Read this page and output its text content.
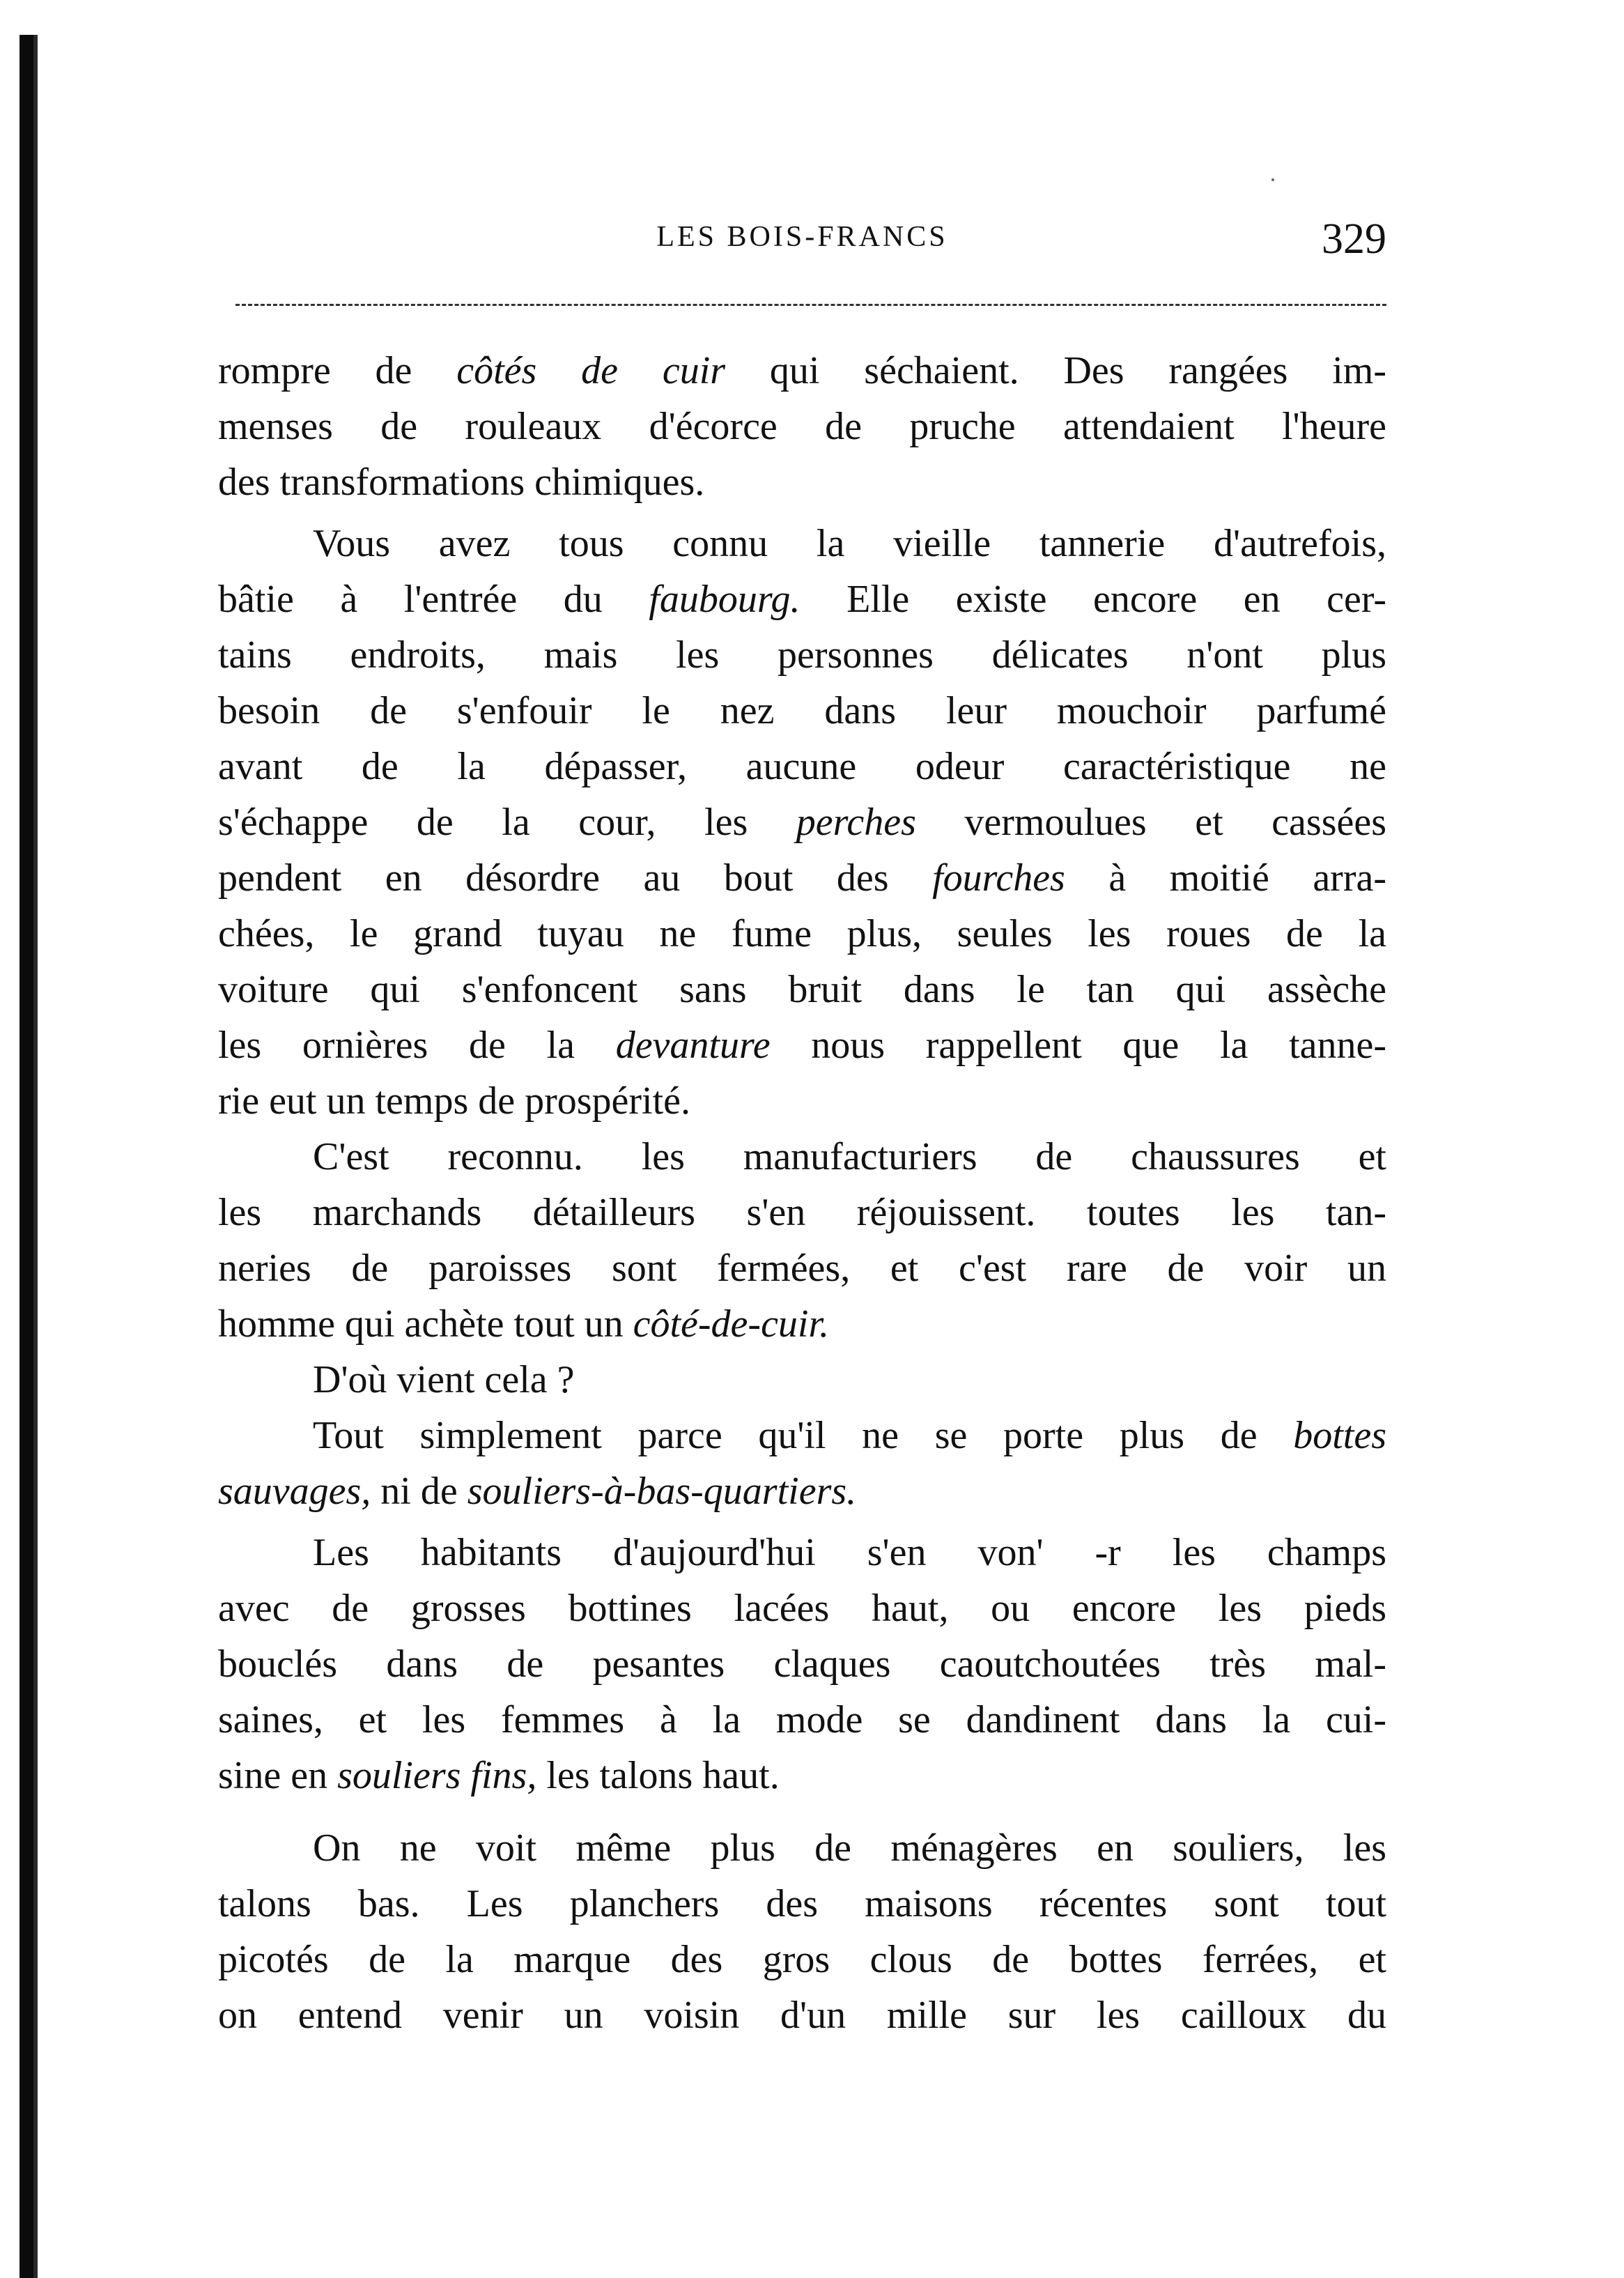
LES BOIS-FRANCS	329
rompre de côtés de cuir qui séchaient. Des rangées im-
menses de rouleaux d'écorce de pruche attendaient l'heure
des transformations chimiques.
Vous avez tous connu la vieille tannerie d'autrefois,
bâtie à l'entrée du faubourg. Elle existe encore en cer-
tains endroits, mais les personnes délicates n'ont plus
besoin de s'enfouir le nez dans leur mouchoir parfumé
avant de la dépasser, aucune odeur caractéristique ne
s'échappe de la cour, les perches vermoulues et cassées
pendent en désordre au bout des fourches à moitié arra-
chées, le grand tuyau ne fume plus, seules les roues de la
voiture qui s'enfoncent sans bruit dans le tan qui assèche
les ornières de la devanture nous rappellent que la tanne-
rie eut un temps de prospérité.
C'est reconnu. les manufacturiers de chaussures et
les marchands détailleurs s'en réjouissent. toutes les tan-
neries de paroisses sont fermées, et c'est rare de voir un
homme qui achète tout un côté-de-cuir.
D'où vient cela ?
Tout simplement parce qu'il ne se porte plus de bottes
sauvages, ni de souliers-à-bas-quartiers.
Les habitants d'aujourd'hui s'en von' -r les champs
avec de grosses bottines lacées haut, ou encore les pieds
bouclés dans de pesantes claques caoutchoutées très mal-
saines, et les femmes à la mode se dandinent dans la cui-
sine en souliers fins, les talons haut.
On ne voit même plus de ménagères en souliers, les
talons bas. Les planchers des maisons récentes sont tout
picotés de la marque des gros clous de bottes ferrées, et
on entend venir un voisin d'un mille sur les cailloux du
